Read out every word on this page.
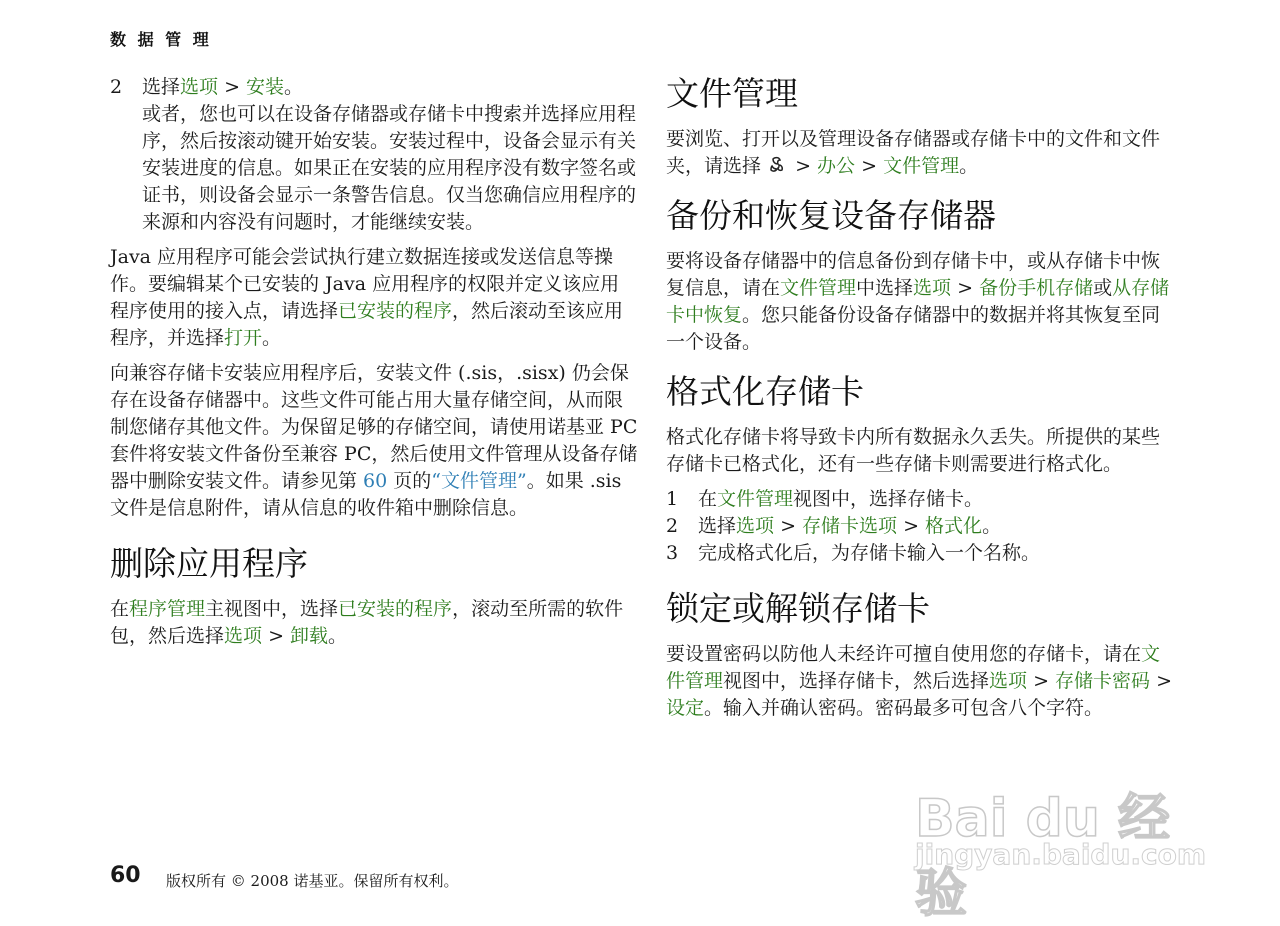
数 据 管 理
2	选择选项 > 安装。
或者，您也可以在设备存储器或存储卡中搜索并选择应用程序，然后按滚动键开始安装。安装过程中，设备会显示有关安装进度的信息。如果正在安装的应用程序没有数字签名或证书，则设备会显示一条警告信息。仅当您确信应用程序的来源和内容没有问题时，才能继续安装。

Java 应用程序可能会尝试执行建立数据连接或发送信息等操作。要编辑某个已安装的 Java 应用程序的权限并定义该应用程序使用的接入点，请选择已安装的程序，然后滚动至该应用程序，并选择打开。

向兼容存储卡安装应用程序后，安装文件 (.sis，.sisx) 仍会保存在设备存储器中。这些文件可能占用大量存储空间，从而限制您储存其他文件。为保留足够的存储空间，请使用诺基亚 PC 套件将安装文件备份至兼容 PC，然后使用文件管理从设备存储器中删除安装文件。请参见第 60 页的“文件管理”。如果 .sis 文件是信息附件，请从信息的收件箱中删除信息。

删除应用程序

在程序管理主视图中，选择已安装的程序，滚动至所需的软件包，然后选择选项 > 卸载。

文件管理

要浏览、打开以及管理设备存储器或存储卡中的文件和文件夹，请选择  > 办公 > 文件管理。

备份和恢复设备存储器

要将设备存储器中的信息备份到存储卡中，或从存储卡中恢复信息，请在文件管理中选择选项 > 备份手机存储或从存储卡中恢复。您只能备份设备存储器中的数据并将其恢复至同一个设备。

格式化存储卡

格式化存储卡将导致卡内所有数据永久丢失。所提供的某些存储卡已格式化，还有一些存储卡则需要进行格式化。

1	在文件管理视图中，选择存储卡。
2	选择选项 > 存储卡选项 > 格式化。
3	完成格式化后，为存储卡输入一个名称。
锁定或解锁存储卡

要设置密码以防他人未经许可擅自使用您的存储卡，请在文件管理视图中，选择存储卡，然后选择选项 > 存储卡密码 > 设定。输入并确认密码。密码最多可包含八个字符。

60 版权所有 © 2008 诺基亚。保留所有权利。
Bai du 经验
jingyan.baidu.com
